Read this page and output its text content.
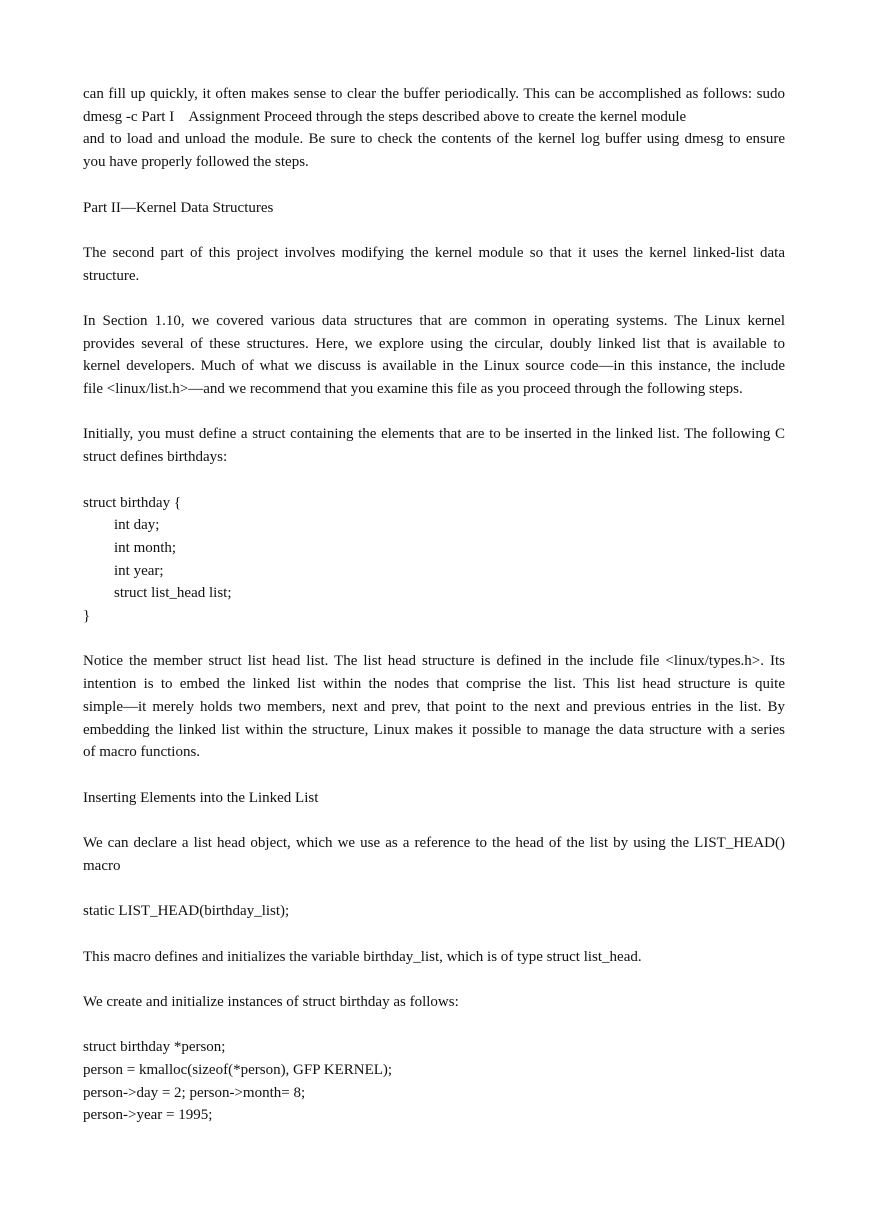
can fill up quickly, it often makes sense to clear the buffer periodically. This can be accomplished as follows: sudo
dmesg -c Part I    Assignment Proceed through the steps described above to create the kernel module
and to load and unload the module. Be sure to check the contents of the kernel log buffer using dmesg to ensure
you have properly followed the steps.
Part II—Kernel Data Structures
The second part of this project involves modifying the kernel module so that it uses the kernel linked-list data
structure.
In Section 1.10, we covered various data structures that are common in operating systems. The Linux kernel
provides several of these structures. Here, we explore using the circular, doubly linked list that is available to
kernel developers. Much of what we discuss is available in the Linux source code—in this instance, the include
file <linux/list.h>—and we recommend that you examine this file as you proceed through the following steps.
Initially, you must define a struct containing the elements that are to be inserted in the linked list. The following C
struct defines birthdays:
struct birthday {
int day;
int month;
int year;
struct list_head list;
}
Notice the member struct list head list. The list head structure is defined in the include file <linux/types.h>. Its
intention is to embed the linked list within the nodes that comprise the list. This list head structure is quite
simple—it merely holds two members, next and prev, that point to the next and previous entries in the list. By
embedding the linked list within the structure, Linux makes it possible to manage the data structure with a series
of macro functions.
Inserting Elements into the Linked List
We can declare a list head object, which we use as a reference to the head of the list by using the LIST_HEAD()
macro
static LIST_HEAD(birthday_list);
This macro defines and initializes the variable birthday_list, which is of type struct list_head.
We create and initialize instances of struct birthday as follows:
struct birthday *person;
person = kmalloc(sizeof(*person), GFP KERNEL);
person->day = 2; person->month= 8;
person->year = 1995;
